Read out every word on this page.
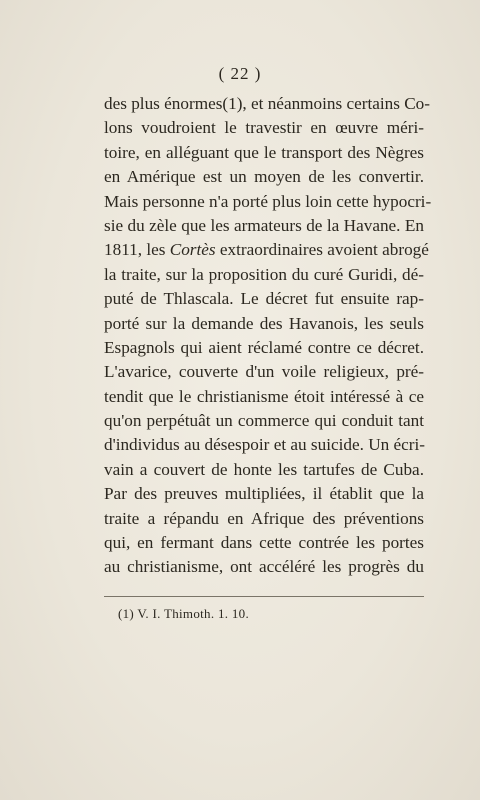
( 22 )
des plus énormes(1), et néanmoins certains Co-
lons voudroient le travestir en œuvre méri-
toire, en alléguant que le transport des Nègres
en Amérique est un moyen de les convertir.
Mais personne n'a porté plus loin cette hypocri-
sie du zèle que les armateurs de la Havane. En
1811, les Cortès extraordinaires avoient abrogé
la traite, sur la proposition du curé Guridi, dé-
puté de Thlascala. Le décret fut ensuite rap-
porté sur la demande des Havanois, les seuls
Espagnols qui aient réclamé contre ce décret.
L'avarice, couverte d'un voile religieux, pré-
tendit que le christianisme étoit intéressé à ce
qu'on perpétuât un commerce qui conduit tant
d'individus au désespoir et au suicide. Un écri-
vain a couvert de honte les tartufes de Cuba.
Par des preuves multipliées, il établit que la
traite a répandu en Afrique des préventions
qui, en fermant dans cette contrée les portes
au christianisme, ont accéléré les progrès du
(1) V. I. Thimoth. 1. 10.
